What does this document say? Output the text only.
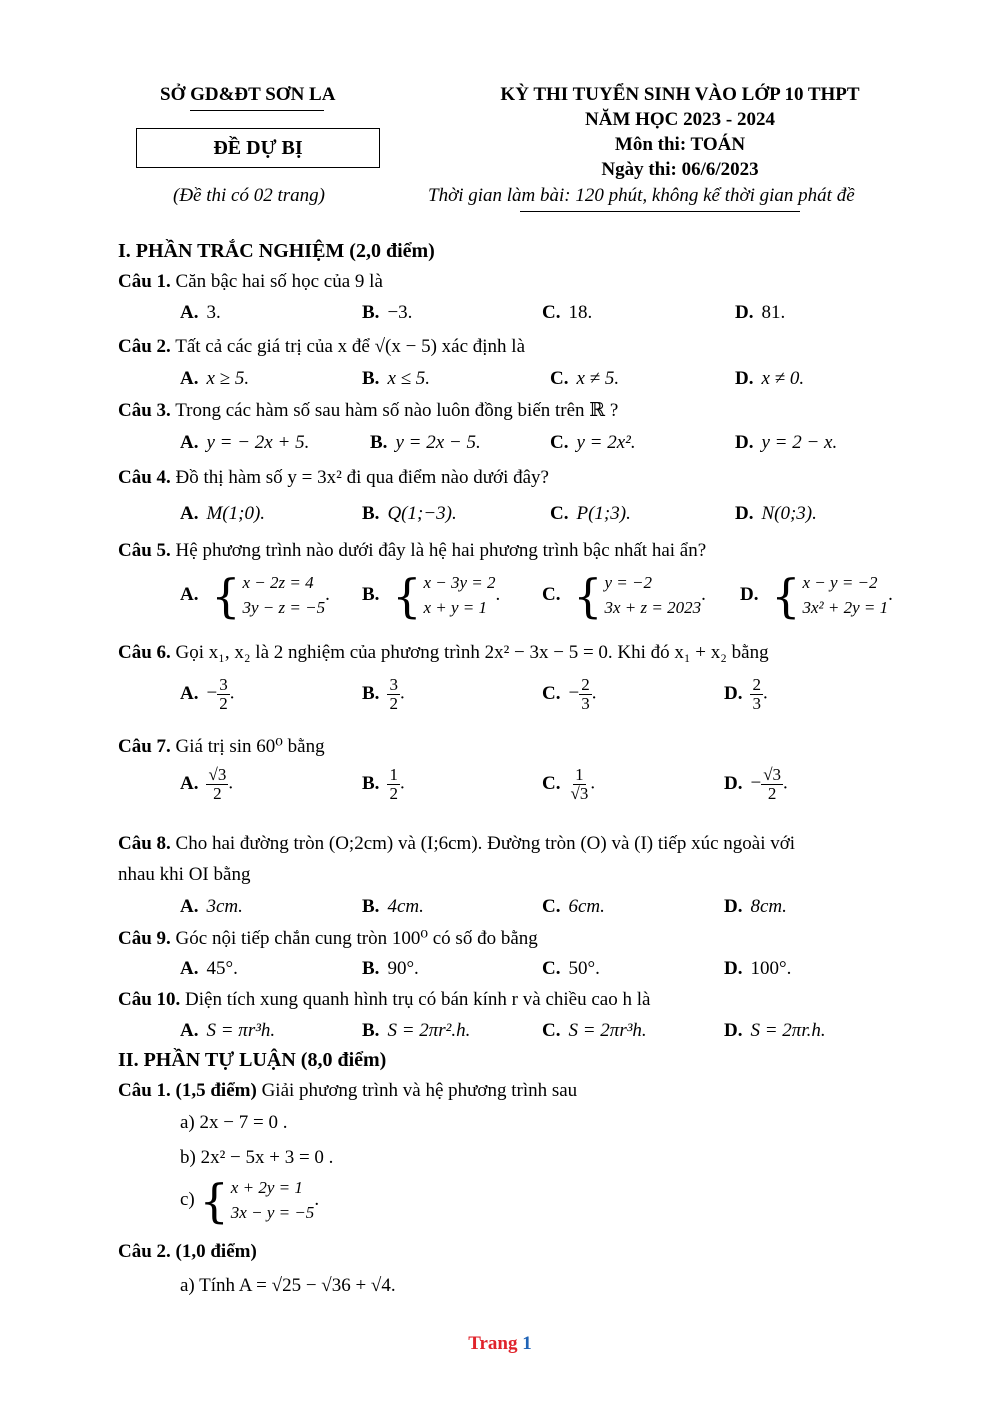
SỞ GD&ĐT SƠN LA	KỲ THI TUYỂN SINH VÀO LỚP 10 THPT
NĂM HỌC 2023 - 2024
Môn thi: TOÁN
Ngày thi: 06/6/2023
ĐỀ DỰ BỊ
(Đề thi có 02 trang)	Thời gian làm bài: 120 phút, không kể thời gian phát đề
I. PHẦN TRẮC NGHIỆM (2,0 điểm)
Câu 1. Căn bậc hai số học của 9 là
A. 3.	B. −3.	C. 18.	D. 81.
Câu 2. Tất cả các giá trị của x để √(x − 5) xác định là
A. x ≥ 5.	B. x ≤ 5.	C. x ≠ 5.	D. x ≠ 0.
Câu 3. Trong các hàm số sau hàm số nào luôn đồng biến trên ℝ ?
A. y = − 2x + 5.	B. y = 2x − 5.	C. y = 2x².	D. y = 2 − x.
Câu 4. Đồ thị hàm số y = 3x² đi qua điểm nào dưới đây?
A. M(1;0).	B. Q(1;−3).	C. P(1;3).	D. N(0;3).
Câu 5. Hệ phương trình nào dưới đây là hệ hai phương trình bậc nhất hai ẩn?
A. { x − 2z = 4
3y − z = −5
. B. { x − 3y = 2
x + y = 1
. C. { y = −2
3x + z = 2023
. D. { x − y = −2
3x² + 2y = 1
.
Câu 6. Gọi x₁, x₂ là 2 nghiệm của phương trình 2x² − 3x − 5 = 0. Khi đó x₁ + x₂ bằng
A. − $\frac{3}{2}$ .	B. $\frac{3}{2}$ .	C. − $\frac{2}{3}$ .	D. $\frac{2}{3}$ .
Câu 7. Giá trị sin 60⁰ bằng
A. $\frac{√3}{2}$ .	B. $\frac{1}{2}$ .	C. $\frac{1}{√3}$ .	D. − $\frac{√3}{2}$ .
Câu 8. Cho hai đường tròn (O;2cm) và (I;6cm). Đường tròn (O) và (I) tiếp xúc ngoài với
nhau khi OI bằng
A. 3cm.	B. 4cm.	C. 6cm.	D. 8cm.
Câu 9. Góc nội tiếp chắn cung tròn 100⁰ có số đo bằng
A. 45°.	B. 90°.	C. 50°.	D. 100°.
Câu 10. Diện tích xung quanh hình trụ có bán kính r và chiều cao h là
A. S = πr³h.	B. S = 2πr².h.	C. S = 2πr³h.	D. S = 2πr.h.
II. PHẦN TỰ LUẬN (8,0 điểm)
Câu 1. (1,5 điểm) Giải phương trình và hệ phương trình sau
a) 2x − 7 = 0 .
b) 2x² − 5x + 3 = 0 .
c) { x + 2y = 1
3x − y = −5
.
Câu 2. (1,0 điểm)
a) Tính A = √25 − √36 + √4.
Trang 1
